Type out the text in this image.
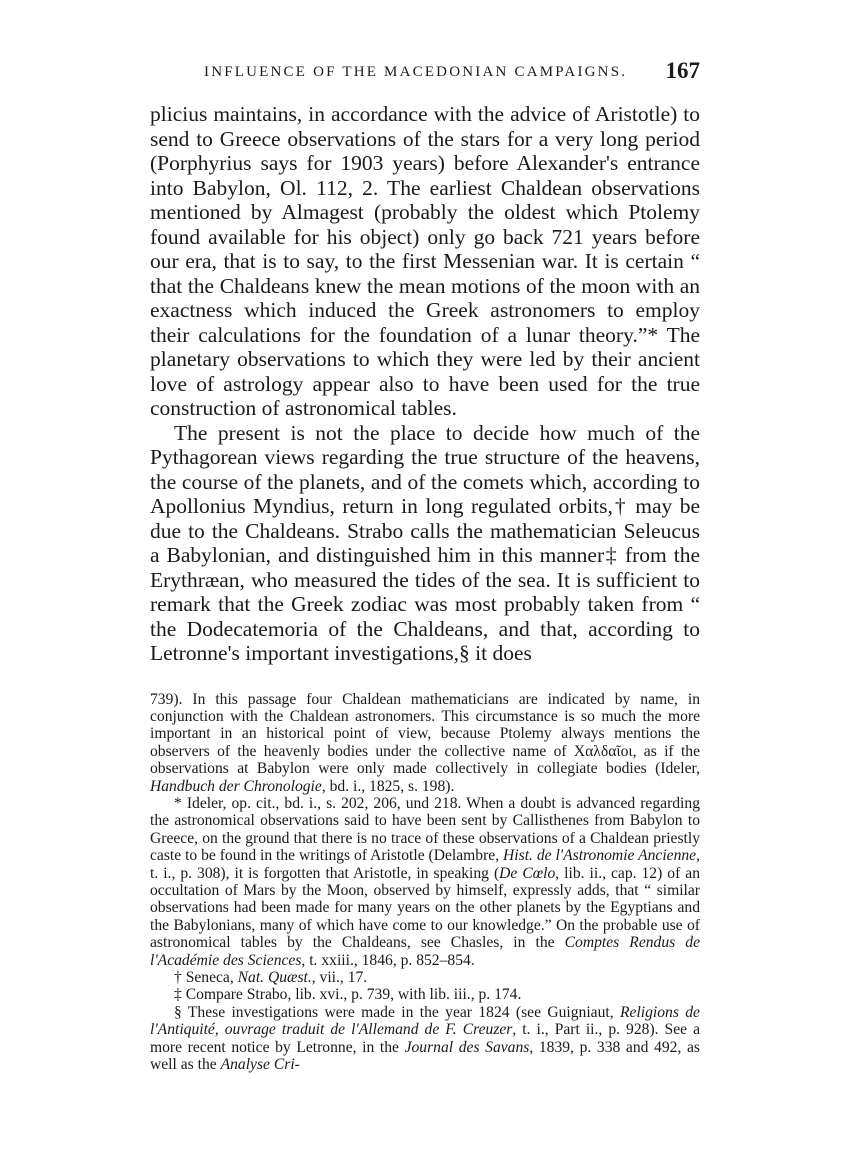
INFLUENCE OF THE MACEDONIAN CAMPAIGNS. 167

plicius maintains, in accordance with the advice of Aristotle) to send to Greece observations of the stars for a very long period (Porphyrius says for 1903 years) before Alexander's entrance into Babylon, Ol. 112, 2. The earliest Chaldean observations mentioned by Almagest (probably the oldest which Ptolemy found available for his object) only go back 721 years before our era, that is to say, to the first Messenian war. It is certain “ that the Chaldeans knew the mean motions of the moon with an exactness which induced the Greek astronomers to employ their calculations for the foundation of a lunar theory.”* The planetary observations to which they were led by their ancient love of astrology appear also to have been used for the true construction of astronomical tables.

The present is not the place to decide how much of the Pythagorean views regarding the true structure of the heavens, the course of the planets, and of the comets which, according to Apollonius Myndius, return in long regulated orbits,† may be due to the Chaldeans. Strabo calls the mathematician Seleucus a Babylonian, and distinguished him in this manner‡ from the Erythræan, who measured the tides of the sea. It is sufficient to remark that the Greek zodiac was most probably taken from “ the Dodecatemoria of the Chaldeans, and that, according to Letronne's important investigations,§ it does

739). In this passage four Chaldean mathematicians are indicated by name, in conjunction with the Chaldean astronomers. This circumstance is so much the more important in an historical point of view, because Ptolemy always mentions the observers of the heavenly bodies under the collective name of Χαλδαῖοι, as if the observations at Babylon were only made collectively in collegiate bodies (Ideler, Handbuch der Chronologie, bd. i., 1825, s. 198).

* Ideler, op. cit., bd. i., s. 202, 206, und 218. When a doubt is advanced regarding the astronomical observations said to have been sent by Callisthenes from Babylon to Greece, on the ground that there is no trace of these observations of a Chaldean priestly caste to be found in the writings of Aristotle (Delambre, Hist. de l'Astronomie Ancienne, t. i., p. 308), it is forgotten that Aristotle, in speaking (De Cœlo, lib. ii., cap. 12) of an occultation of Mars by the Moon, observed by himself, expressly adds, that “ similar observations had been made for many years on the other planets by the Egyptians and the Babylonians, many of which have come to our knowledge.” On the probable use of astronomical tables by the Chaldeans, see Chasles, in the Comptes Rendus de l'Académie des Sciences, t. xxiii., 1846, p. 852–854.

† Seneca, Nat. Quæst., vii., 17.

‡ Compare Strabo, lib. xvi., p. 739, with lib. iii., p. 174.

§ These investigations were made in the year 1824 (see Guigniaut, Religions de l'Antiquité, ouvrage traduit de l'Allemand de F. Creuzer, t. i., Part ii., p. 928). See a more recent notice by Letronne, in the Journal des Savans, 1839, p. 338 and 492, as well as the Analyse Cri-
